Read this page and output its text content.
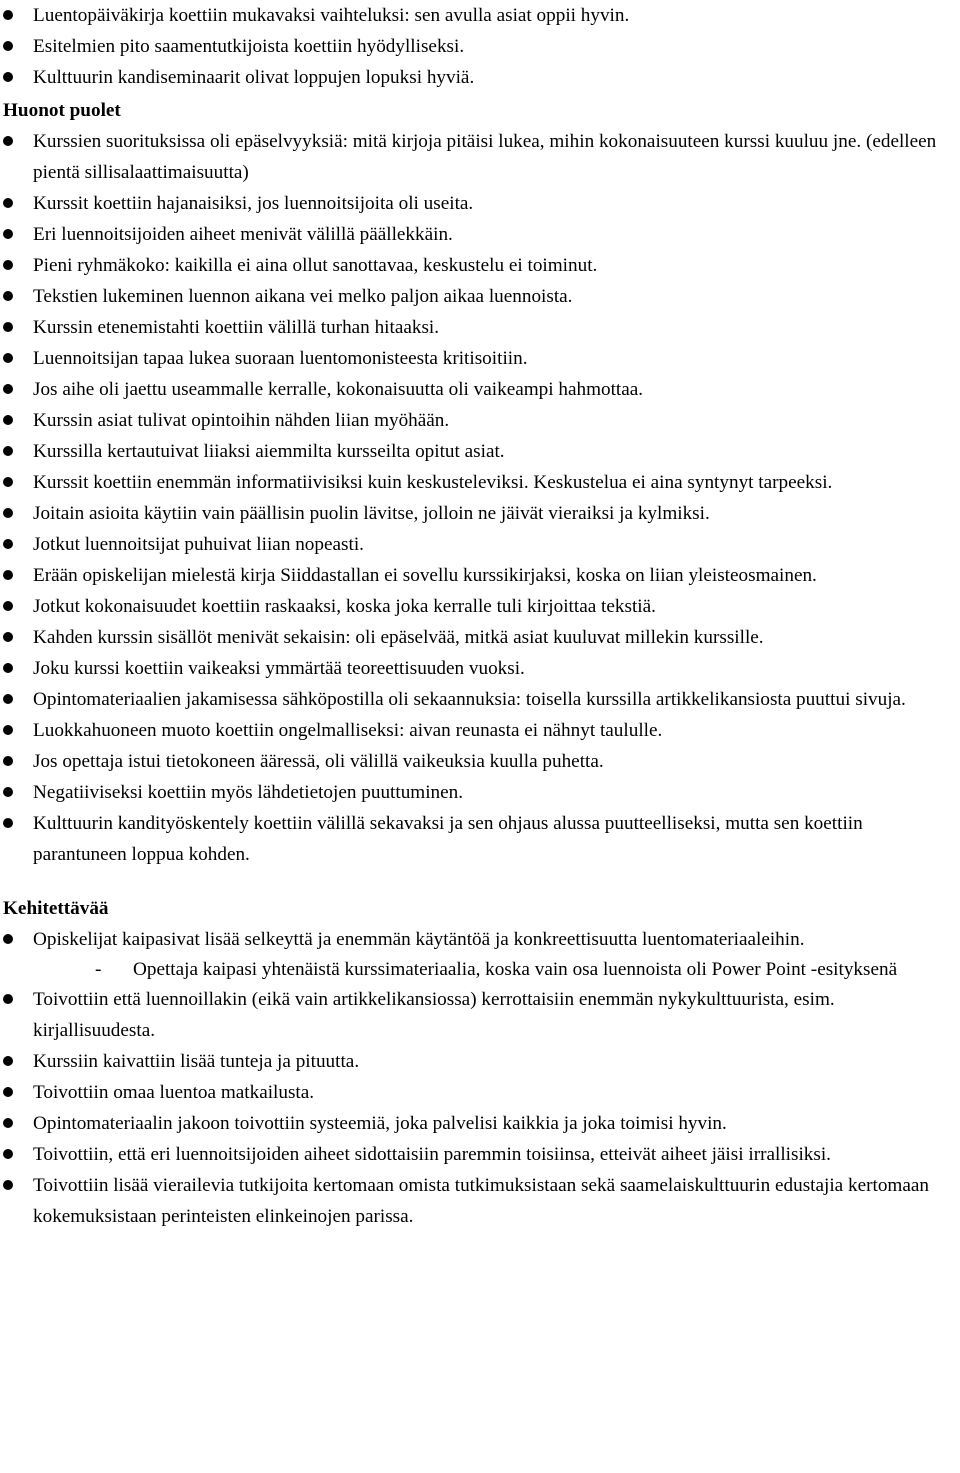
Luentopäiväkirja koettiin mukavaksi vaihteluksi: sen avulla asiat oppii hyvin.
Esitelmien pito saamentutkijoista koettiin hyödylliseksi.
Kulttuurin kandiseminaarit olivat loppujen lopuksi hyviä.
Huonot puolet
Kurssien suorituksissa oli epäselvyyksiä: mitä kirjoja pitäisi lukea, mihin kokonaisuuteen kurssi kuuluu jne. (edelleen pientä sillisalaattimaisuutta)
Kurssit koettiin hajanaisiksi, jos luennoitsijoita oli useita.
Eri luennoitsijoiden aiheet menivät välillä päällekkäin.
Pieni ryhmäkoko: kaikilla ei aina ollut sanottavaa, keskustelu ei toiminut.
Tekstien lukeminen luennon aikana vei melko paljon aikaa luennoista.
Kurssin etenemistahti koettiin välillä turhan hitaaksi.
Luennoitsijan tapaa lukea suoraan luentomonisteesta kritisoitiin.
Jos aihe oli jaettu useammalle kerralle, kokonaisuutta oli vaikeampi hahmottaa.
Kurssin asiat tulivat opintoihin nähden liian myöhään.
Kurssilla kertautuivat liiaksi aiemmilta kursseilta opitut asiat.
Kurssit koettiin enemmän informatiivisiksi kuin keskusteleviksi. Keskustelua ei aina syntynyt tarpeeksi.
Joitain asioita käytiin vain päällisin puolin lävitse, jolloin ne jäivät vieraiksi ja kylmiksi.
Jotkut luennoitsijat puhuivat liian nopeasti.
Erään opiskelijan mielestä kirja Siiddastallan ei sovellu kurssikirjaksi, koska on liian yleisteosmainen.
Jotkut kokonaisuudet koettiin raskaaksi, koska joka kerralle tuli kirjoittaa tekstiä.
Kahden kurssin sisällöt menivät sekaisin: oli epäselvää, mitkä asiat kuuluvat millekin kurssille.
Joku kurssi koettiin vaikeaksi ymmärtää teoreettisuuden vuoksi.
Opintomateriaalien jakamisessa sähköpostilla oli sekaannuksia: toisella kurssilla artikkelikansiosta puuttui sivuja.
Luokkahuoneen muoto koettiin ongelmalliseksi: aivan reunasta ei nähnyt taululle.
Jos opettaja istui tietokoneen ääressä, oli välillä vaikeuksia kuulla puhetta.
Negatiiviseksi koettiin myös lähdetietojen puuttuminen.
Kulttuurin kandityöskentely koettiin välillä sekavaksi ja sen ohjaus alussa puutteelliseksi, mutta sen koettiin parantuneen loppua kohden.
Kehitettävää
Opiskelijat kaipasivat lisää selkeyttä ja enemmän käytäntöä ja konkreettisuutta luentomateriaaleihin.
- Opettaja kaipasi yhtenäistä kurssimateriaalia, koska vain osa luennoista oli Power Point -esityksenä
Toivottiin että luennoillakin (eikä vain artikkelikansiossa) kerrottaisiin enemmän nykykulttuurista, esim. kirjallisuudesta.
Kurssiin kaivattiin lisää tunteja ja pituutta.
Toivottiin omaa luentoa matkailusta.
Opintomateriaalin jakoon toivottiin systeemiä, joka palvelisi kaikkia ja joka toimisi hyvin.
Toivottiin, että eri luennoitsijoiden aiheet sidottaisiin paremmin toisiinsa, etteivät aiheet jäisi irrallisiksi.
Toivottiin lisää vierailevia tutkijoita kertomaan omista tutkimuksistaan sekä saamelaiskulttuurin edustajia kertomaan kokemuksistaan perinteisten elinkeinojen parissa.
